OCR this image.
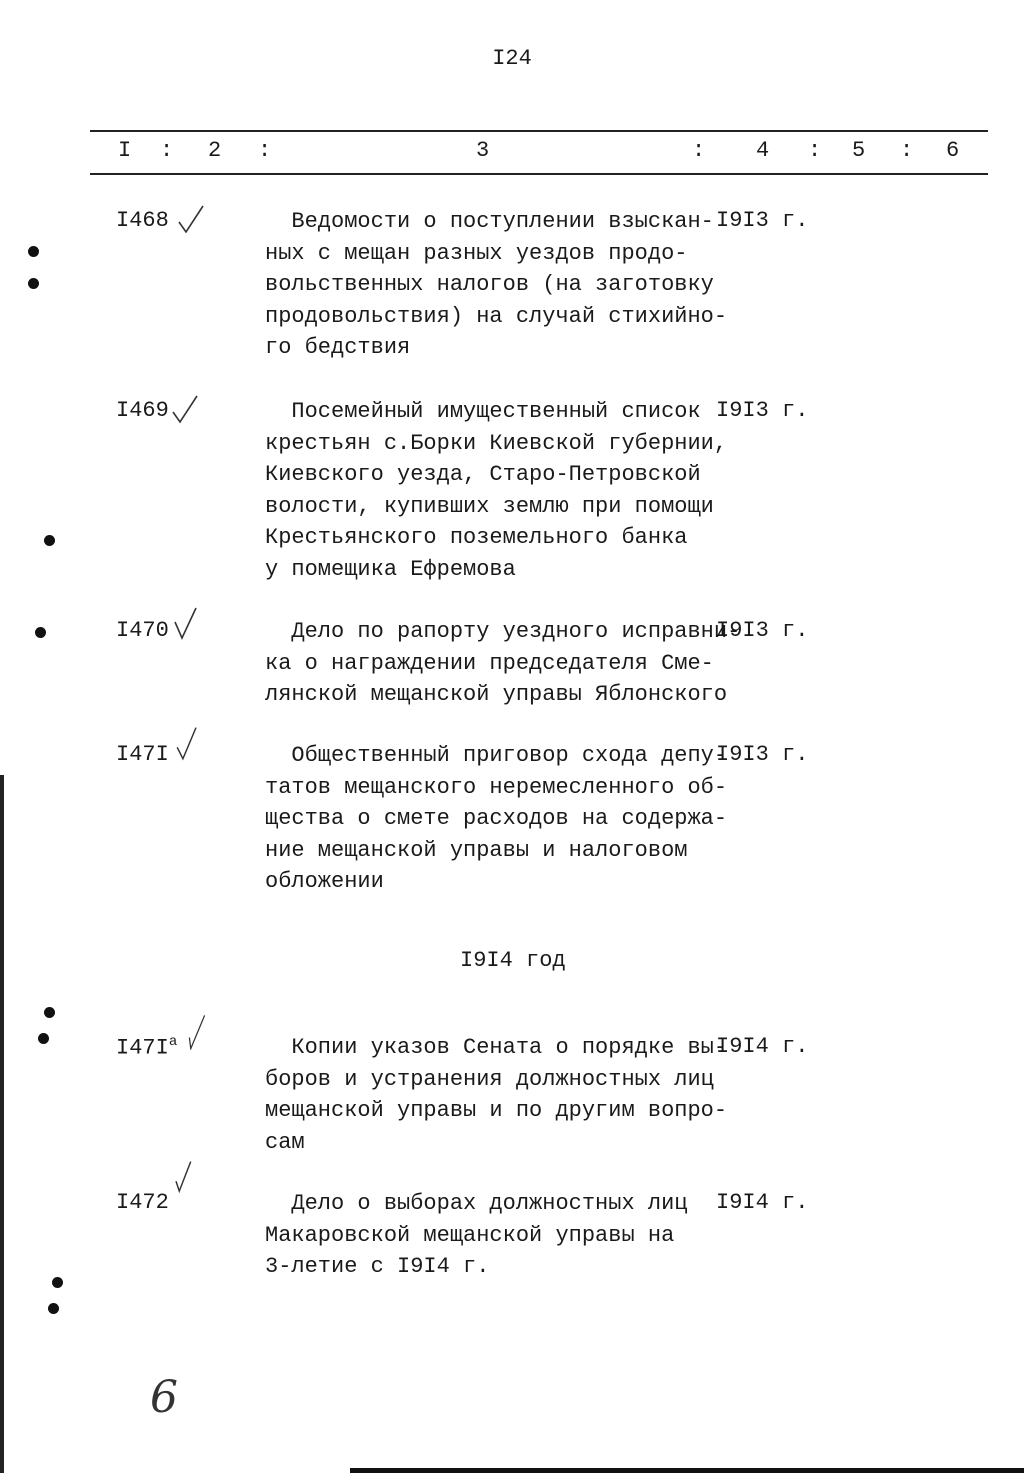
I24
I : 2 :	3	: 4 : 5 : 6
I468	Ведомости о поступлении взыскан-
ных с мещан разных уездов продо-
вольственных налогов (на заготовку
продовольствия) на случай стихийно-
го бедствия
I9I3 г.
I469	Посемейный имущественный список
крестьян с.Борки Киевской губернии,
Киевского уезда, Старо-Петровской
волости, купивших землю при помощи
Крестьянского поземельного банка
у помещика Ефремова
I9I3 г.
I470	Дело по рапорту уездного исправни-
ка о награждении председателя Сме-
лянской мещанской управы Яблонского
I9I3 г.
I47I	Общественный приговор схода депу-
татов мещанского неремесленного об-
щества о смете расходов на содержа-
ние мещанской управы и налоговом
обложении
I9I3 г.
I9I4 год
$I47I^а$	Копии указов Сената о порядке вы-
боров и устранения должностных лиц
мещанской управы и по другим вопро-
сам
I9I4 г.
I472	Дело о выборах должностных лиц
Макаровской мещанской управы на
3-летие с I9I4 г.
I9I4 г.
6
